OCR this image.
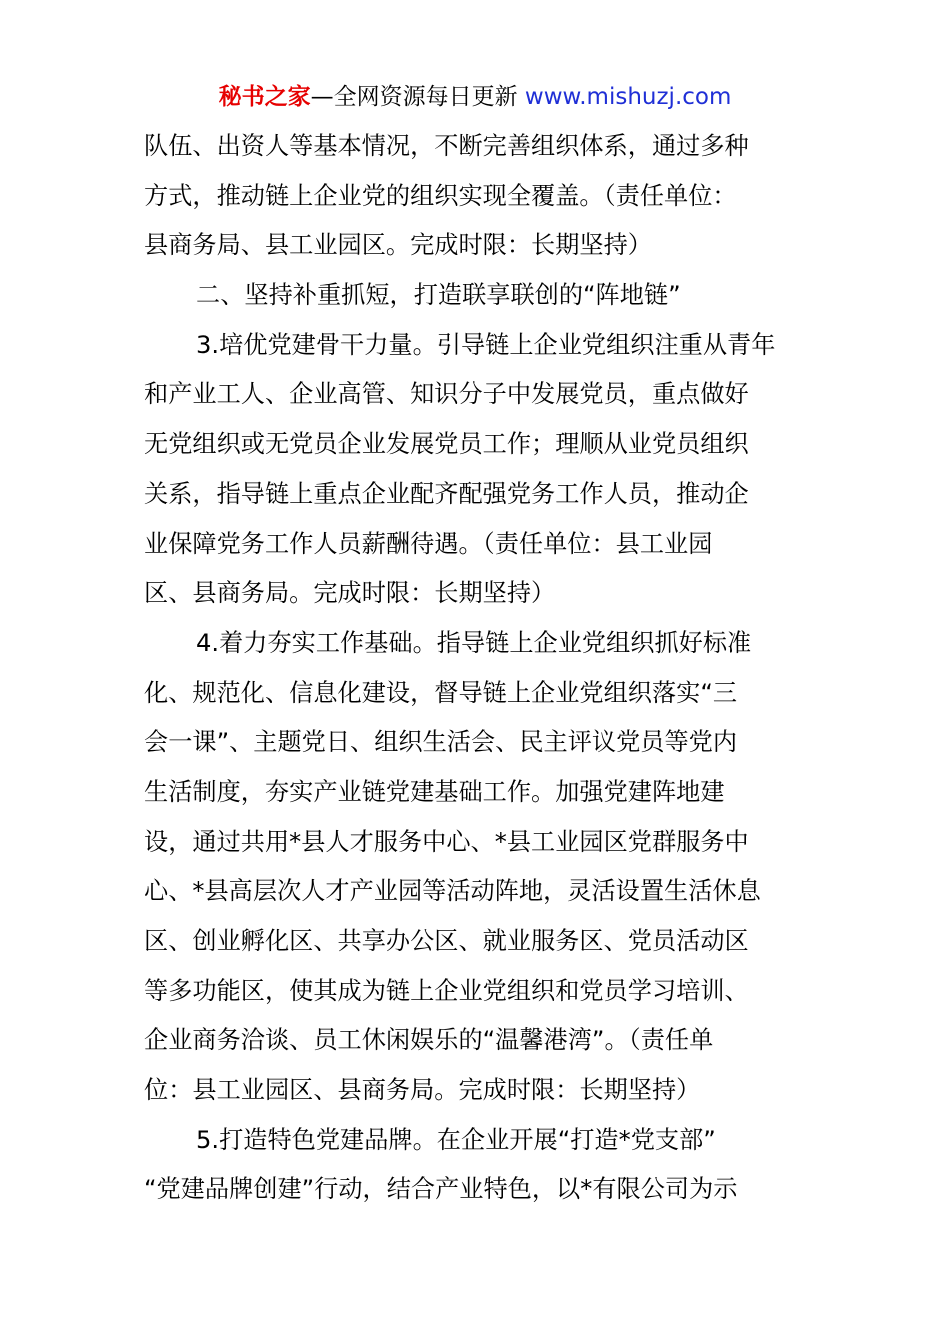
秘书之家—全网资源每日更新 www.mishuzj.com
队伍、出资人等基本情况，不断完善组织体系，通过多种
方式，推动链上企业党的组织实现全覆盖。（责任单位：
县商务局、县工业园区。完成时限：长期坚持）
二、坚持补重抓短，打造联享联创的“阵地链”
3.培优党建骨干力量。引导链上企业党组织注重从青年
和产业工人、企业高管、知识分子中发展党员，重点做好
无党组织或无党员企业发展党员工作；理顺从业党员组织
关系，指导链上重点企业配齐配强党务工作人员，推动企
业保障党务工作人员薪酬待遇。（责任单位：县工业园
区、县商务局。完成时限：长期坚持）
4.着力夯实工作基础。指导链上企业党组织抓好标准
化、规范化、信息化建设，督导链上企业党组织落实“三
会一课”、主题党日、组织生活会、民主评议党员等党内
生活制度，夯实产业链党建基础工作。加强党建阵地建
设，通过共用*县人才服务中心、*县工业园区党群服务中
心、*县高层次人才产业园等活动阵地，灵活设置生活休息
区、创业孵化区、共享办公区、就业服务区、党员活动区
等多功能区，使其成为链上企业党组织和党员学习培训、
企业商务洽谈、员工休闲娱乐的“温馨港湾”。（责任单
位：县工业园区、县商务局。完成时限：长期坚持）
5.打造特色党建品牌。在企业开展“打造*党支部”
“党建品牌创建”行动，结合产业特色，以*有限公司为示
